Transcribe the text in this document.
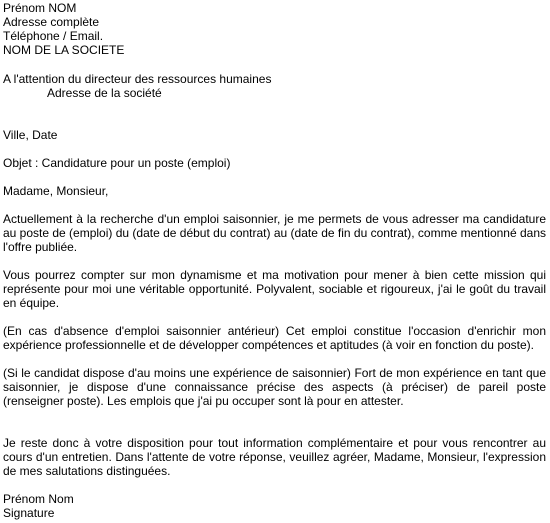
Prénom NOM
Adresse complète
Téléphone / Email.
NOM DE LA SOCIETE
A l'attention du directeur des ressources humaines
Adresse de la société
Ville, Date
Objet : Candidature pour un poste (emploi)
Madame, Monsieur,

Actuellement à la recherche d'un emploi saisonnier, je me permets de vous adresser ma candidature au poste de (emploi) du (date de début du contrat) au (date de fin du contrat), comme mentionné dans l'offre publiée.

Vous pourrez compter sur mon dynamisme et ma motivation pour mener à bien cette mission qui représente pour moi une véritable opportunité. Polyvalent, sociable et rigoureux, j'ai le goût du travail en équipe.

(En cas d'absence d'emploi saisonnier antérieur) Cet emploi constitue l'occasion d'enrichir mon expérience professionnelle et de développer compétences et aptitudes (à voir en fonction du poste).

(Si le candidat dispose d'au moins une expérience de saisonnier) Fort de mon expérience en tant que saisonnier, je dispose d'une connaissance précise des aspects (à préciser) de pareil poste (renseigner poste). Les emplois que j'ai pu occuper sont là pour en attester.

Je reste donc à votre disposition pour tout information complémentaire et pour vous rencontrer au cours d'un entretien. Dans l'attente de votre réponse, veuillez agréer, Madame, Monsieur, l'expression de mes salutations distinguées.

Prénom Nom
Signature
